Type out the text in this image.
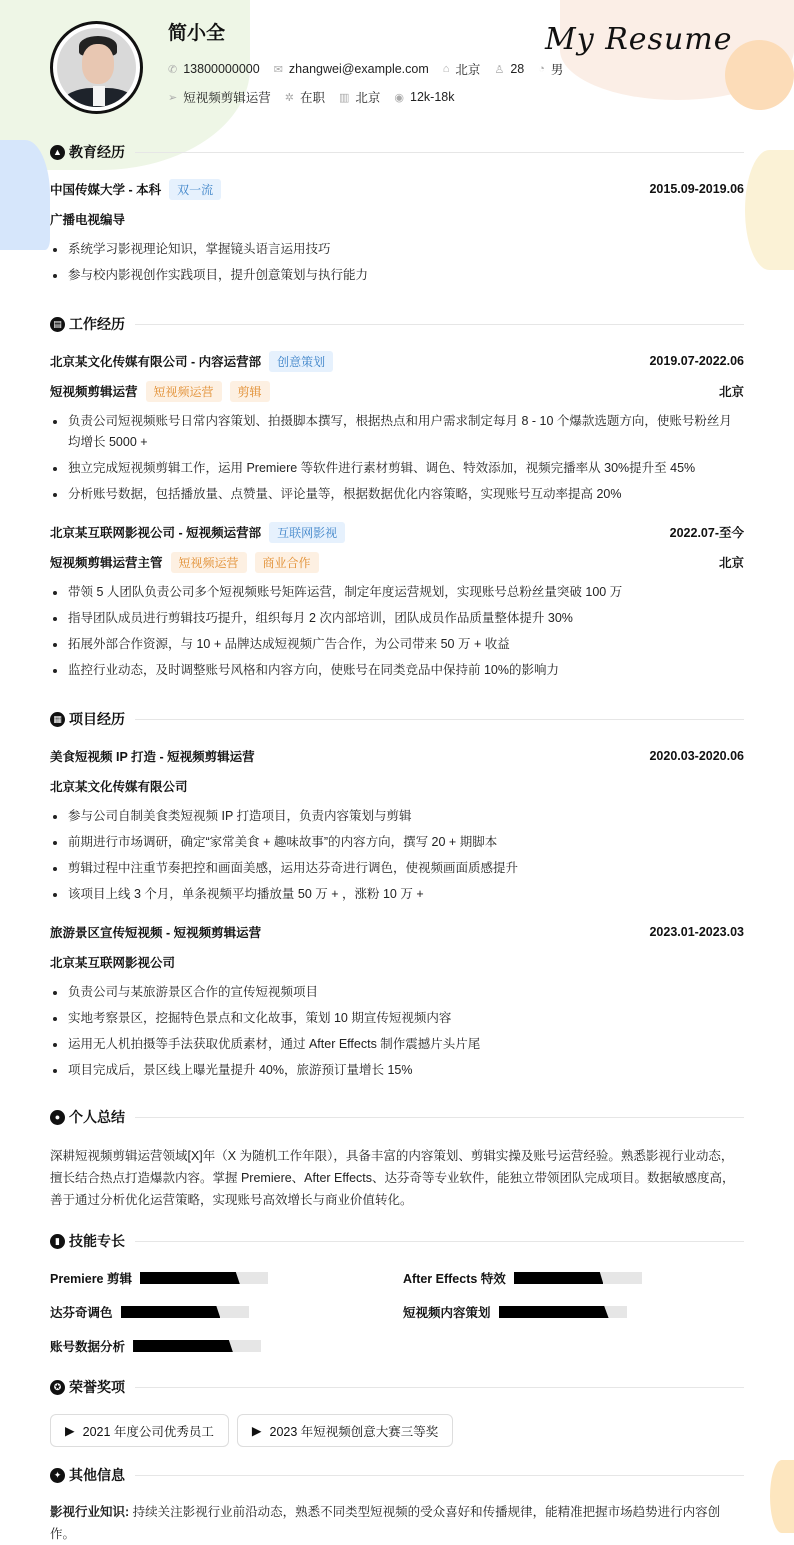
简小全	My Resume
✆ 13800000000 ✉ zhangwei@example.com ⌂ 北京 ♙ 28 ◔ 男
➢ 短视频剪辑运营 ✲ 在职 ▥ 北京 ◉ 12k-18k
▲ 教育经历
中国传媒大学 - 本科	双一流	2015.09-2019.06
广播电视编导
系统学习影视理论知识，掌握镜头语言运用技巧
参与校内影视创作实践项目，提升创意策划与执行能力
▤ 工作经历
北京某文化传媒有限公司 - 内容运营部	创意策划	2019.07-2022.06
短视频剪辑运营	短视频运营	剪辑	北京
负责公司短视频账号日常内容策划、拍摄脚本撰写，根据热点和用户需求制定每月 8 - 10 个爆款选题方向，使账号粉丝月均增长 5000 +
独立完成短视频剪辑工作，运用 Premiere 等软件进行素材剪辑、调色、特效添加，视频完播率从 30%提升至 45%
分析账号数据，包括播放量、点赞量、评论量等，根据数据优化内容策略，实现账号互动率提高 20%
北京某互联网影视公司 - 短视频运营部	互联网影视	2022.07-至今
短视频剪辑运营主管	短视频运营	商业合作	北京
带领 5 人团队负责公司多个短视频账号矩阵运营，制定年度运营规划，实现账号总粉丝量突破 100 万
指导团队成员进行剪辑技巧提升，组织每月 2 次内部培训，团队成员作品质量整体提升 30%
拓展外部合作资源，与 10 + 品牌达成短视频广告合作，为公司带来 50 万 + 收益
监控行业动态，及时调整账号风格和内容方向，使账号在同类竞品中保持前 10%的影响力
▦ 项目经历
美食短视频 IP 打造 - 短视频剪辑运营	2020.03-2020.06
北京某文化传媒有限公司
参与公司自制美食类短视频 IP 打造项目，负责内容策划与剪辑
前期进行市场调研，确定“家常美食 + 趣味故事”的内容方向，撰写 20 + 期脚本
剪辑过程中注重节奏把控和画面美感，运用达芬奇进行调色，使视频画面质感提升
该项目上线 3 个月，单条视频平均播放量 50 万 + ，涨粉 10 万 +
旅游景区宣传短视频 - 短视频剪辑运营	2023.01-2023.03
北京某互联网影视公司
负责公司与某旅游景区合作的宣传短视频项目
实地考察景区，挖掘特色景点和文化故事，策划 10 期宣传短视频内容
运用无人机拍摄等手法获取优质素材，通过 After Effects 制作震撼片头片尾
项目完成后，景区线上曝光量提升 40%，旅游预订量增长 15%
● 个人总结
深耕短视频剪辑运营领域[X]年（X 为随机工作年限），具备丰富的内容策划、剪辑实操及账号运营经验。熟悉影视行业动态，擅长结合热点打造爆款内容。掌握 Premiere、After Effects、达芬奇等专业软件，能独立带领团队完成项目。数据敏感度高，善于通过分析优化运营策略，实现账号高效增长与商业价值转化。
▮ 技能专长
Premiere 剪辑	After Effects 特效
达芬奇调色	短视频内容策划
账号数据分析
✪ 荣誉奖项
▶ 2021 年度公司优秀员工	▶ 2023 年短视频创意大赛三等奖
✦ 其他信息
影视行业知识: 持续关注影视行业前沿动态，熟悉不同类型短视频的受众喜好和传播规律，能精准把握市场趋势进行内容创作。
